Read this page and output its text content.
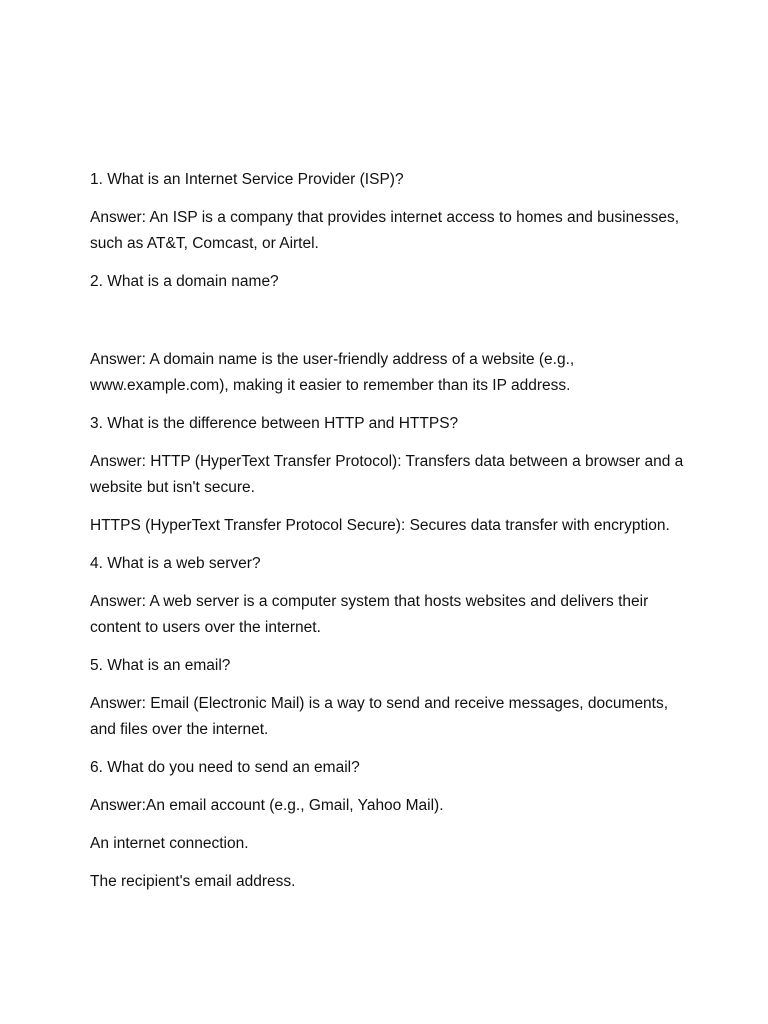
1. What is an Internet Service Provider (ISP)?

Answer: An ISP is a company that provides internet access to homes and businesses, such as AT&T, Comcast, or Airtel.

2. What is a domain name?

Answer: A domain name is the user-friendly address of a website (e.g., www.example.com), making it easier to remember than its IP address.

3. What is the difference between HTTP and HTTPS?

Answer: HTTP (HyperText Transfer Protocol): Transfers data between a browser and a website but isn't secure.

HTTPS (HyperText Transfer Protocol Secure): Secures data transfer with encryption.

4. What is a web server?

Answer: A web server is a computer system that hosts websites and delivers their content to users over the internet.

5. What is an email?

Answer: Email (Electronic Mail) is a way to send and receive messages, documents, and files over the internet.

6. What do you need to send an email?

Answer:An email account (e.g., Gmail, Yahoo Mail).

An internet connection.

The recipient's email address.
